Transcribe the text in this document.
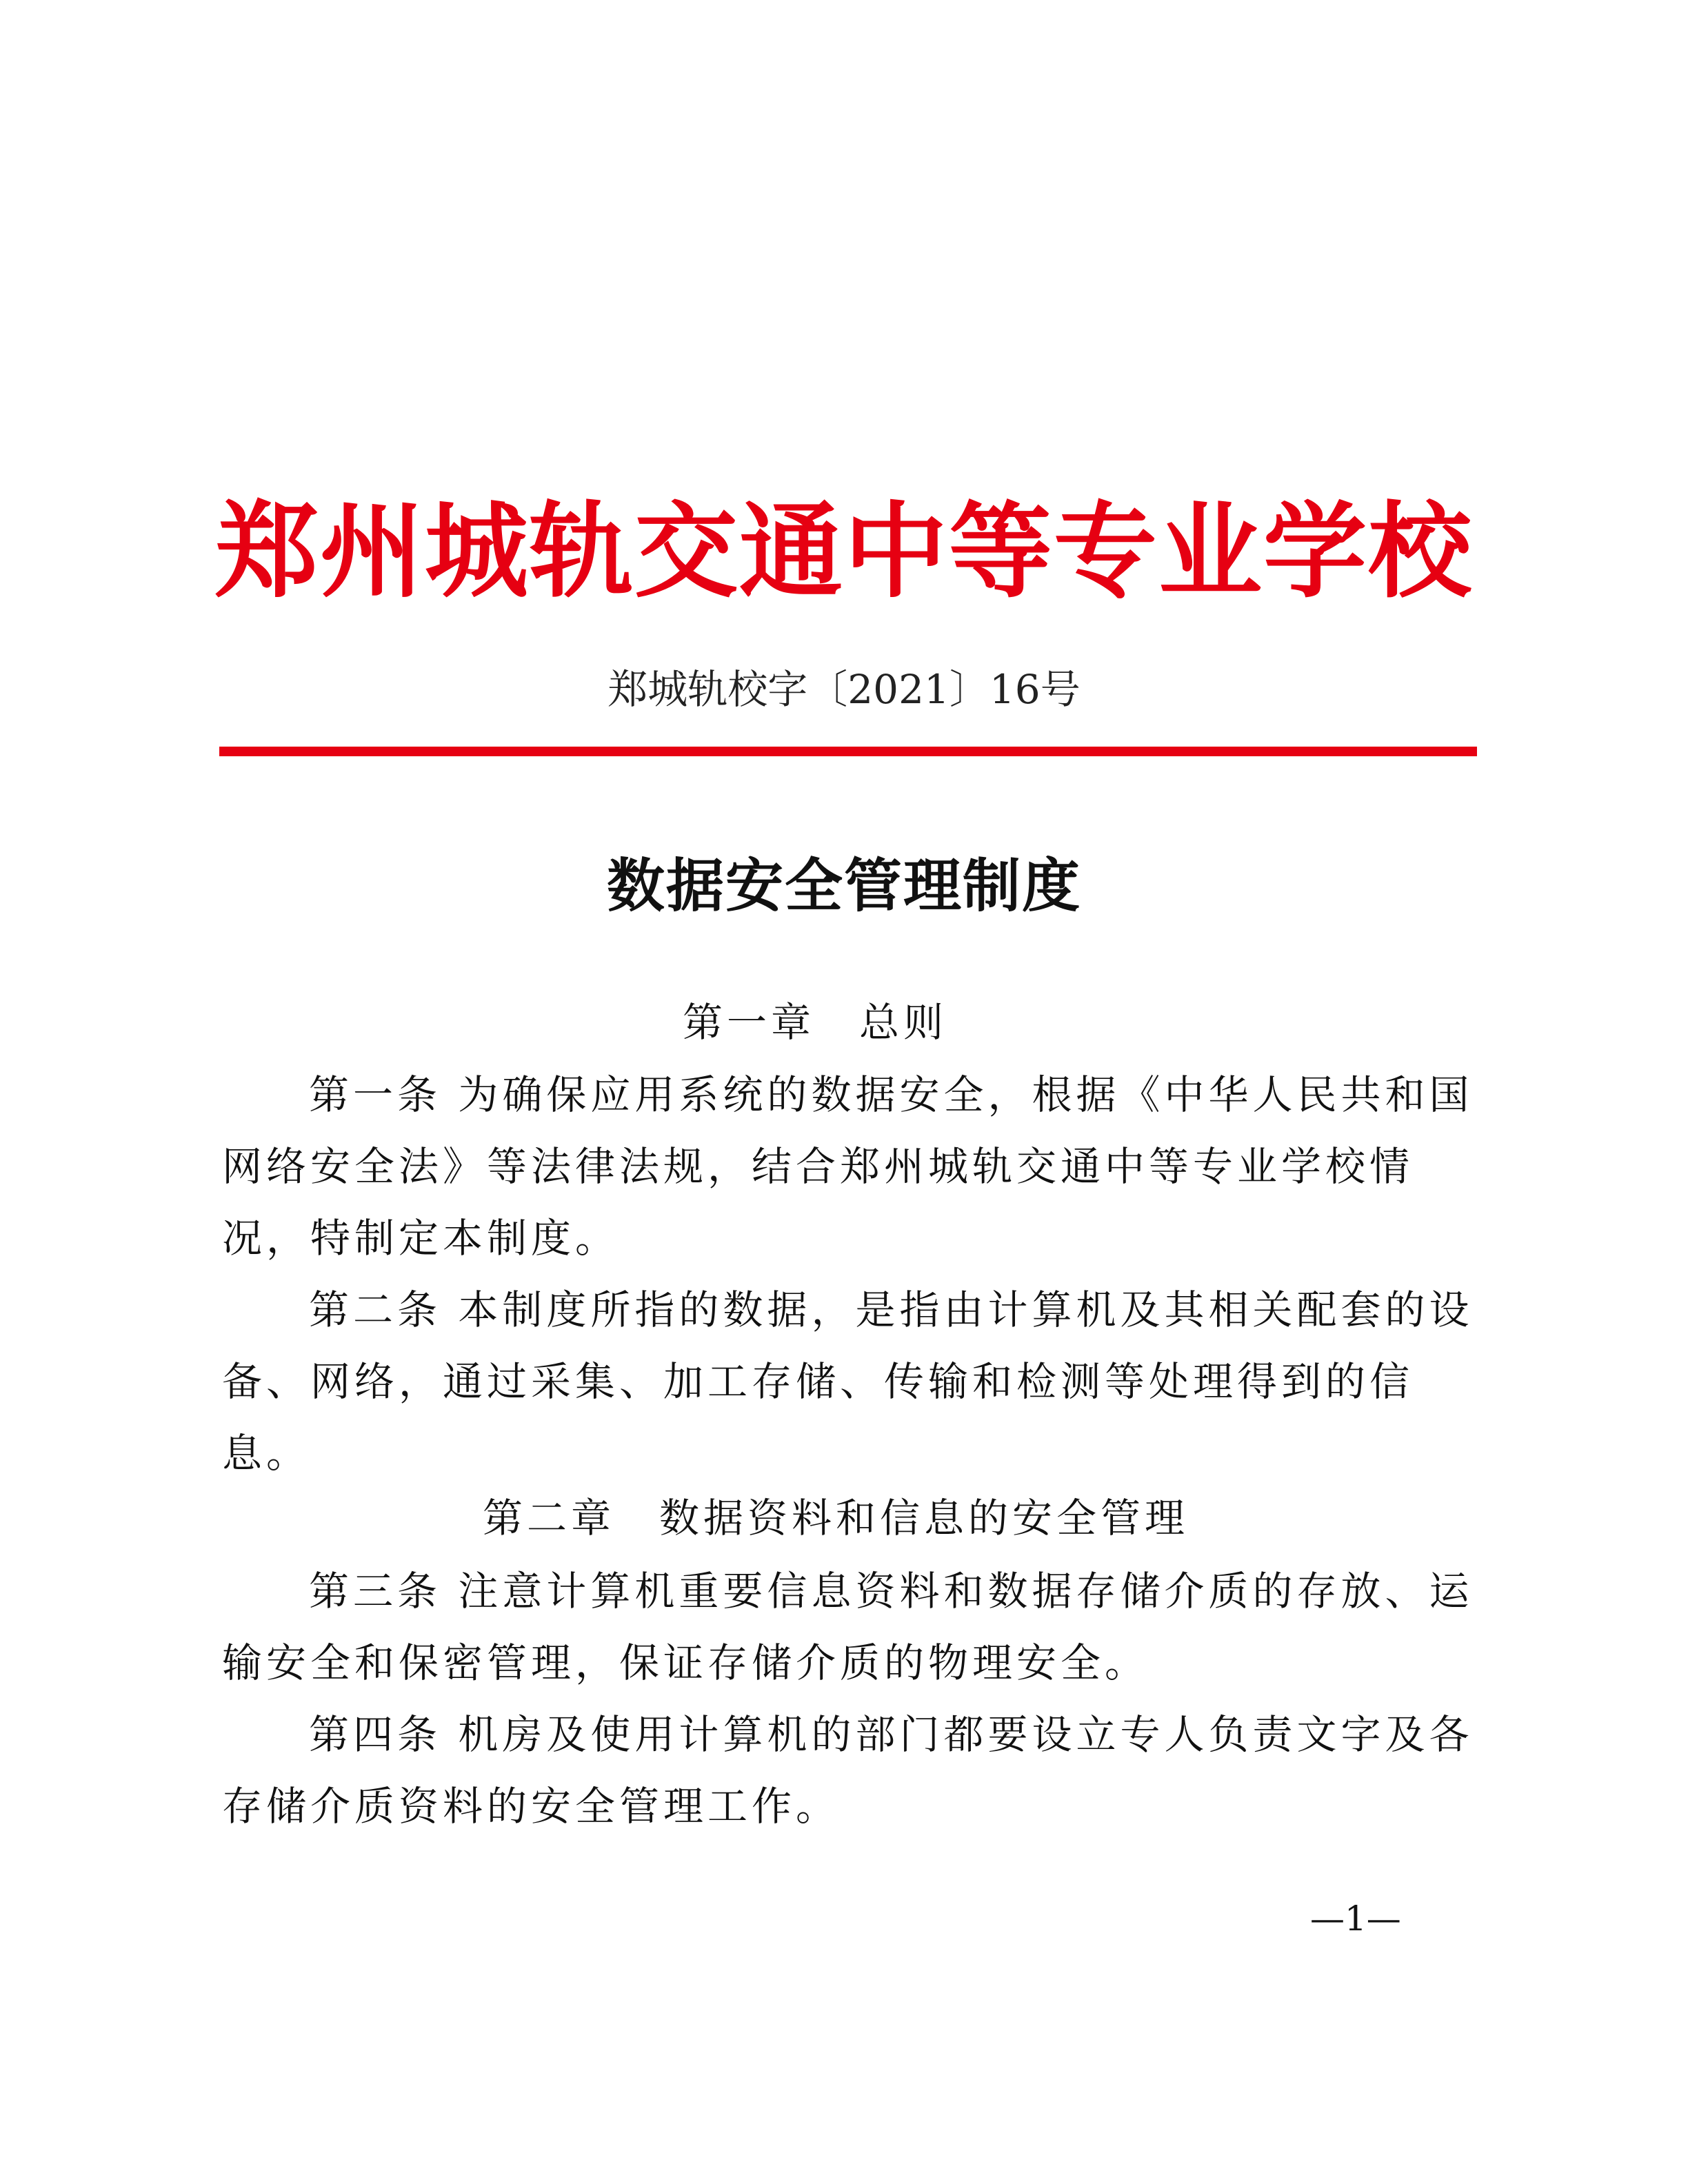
郑州城轨交通中等专业学校
郑城轨校字〔2021〕16号
数据安全管理制度
第一章　总则
第一条 为确保应用系统的数据安全，根据《中华人民共和国
网络安全法》等法律法规，结合郑州城轨交通中等专业学校情
况，特制定本制度。
第二条 本制度所指的数据，是指由计算机及其相关配套的设
备、网络，通过采集、加工存储、传输和检测等处理得到的信
息。
第二章　数据资料和信息的安全管理
第三条 注意计算机重要信息资料和数据存储介质的存放、运
输安全和保密管理，保证存储介质的物理安全。
第四条 机房及使用计算机的部门都要设立专人负责文字及各
存储介质资料的安全管理工作。
—1—
